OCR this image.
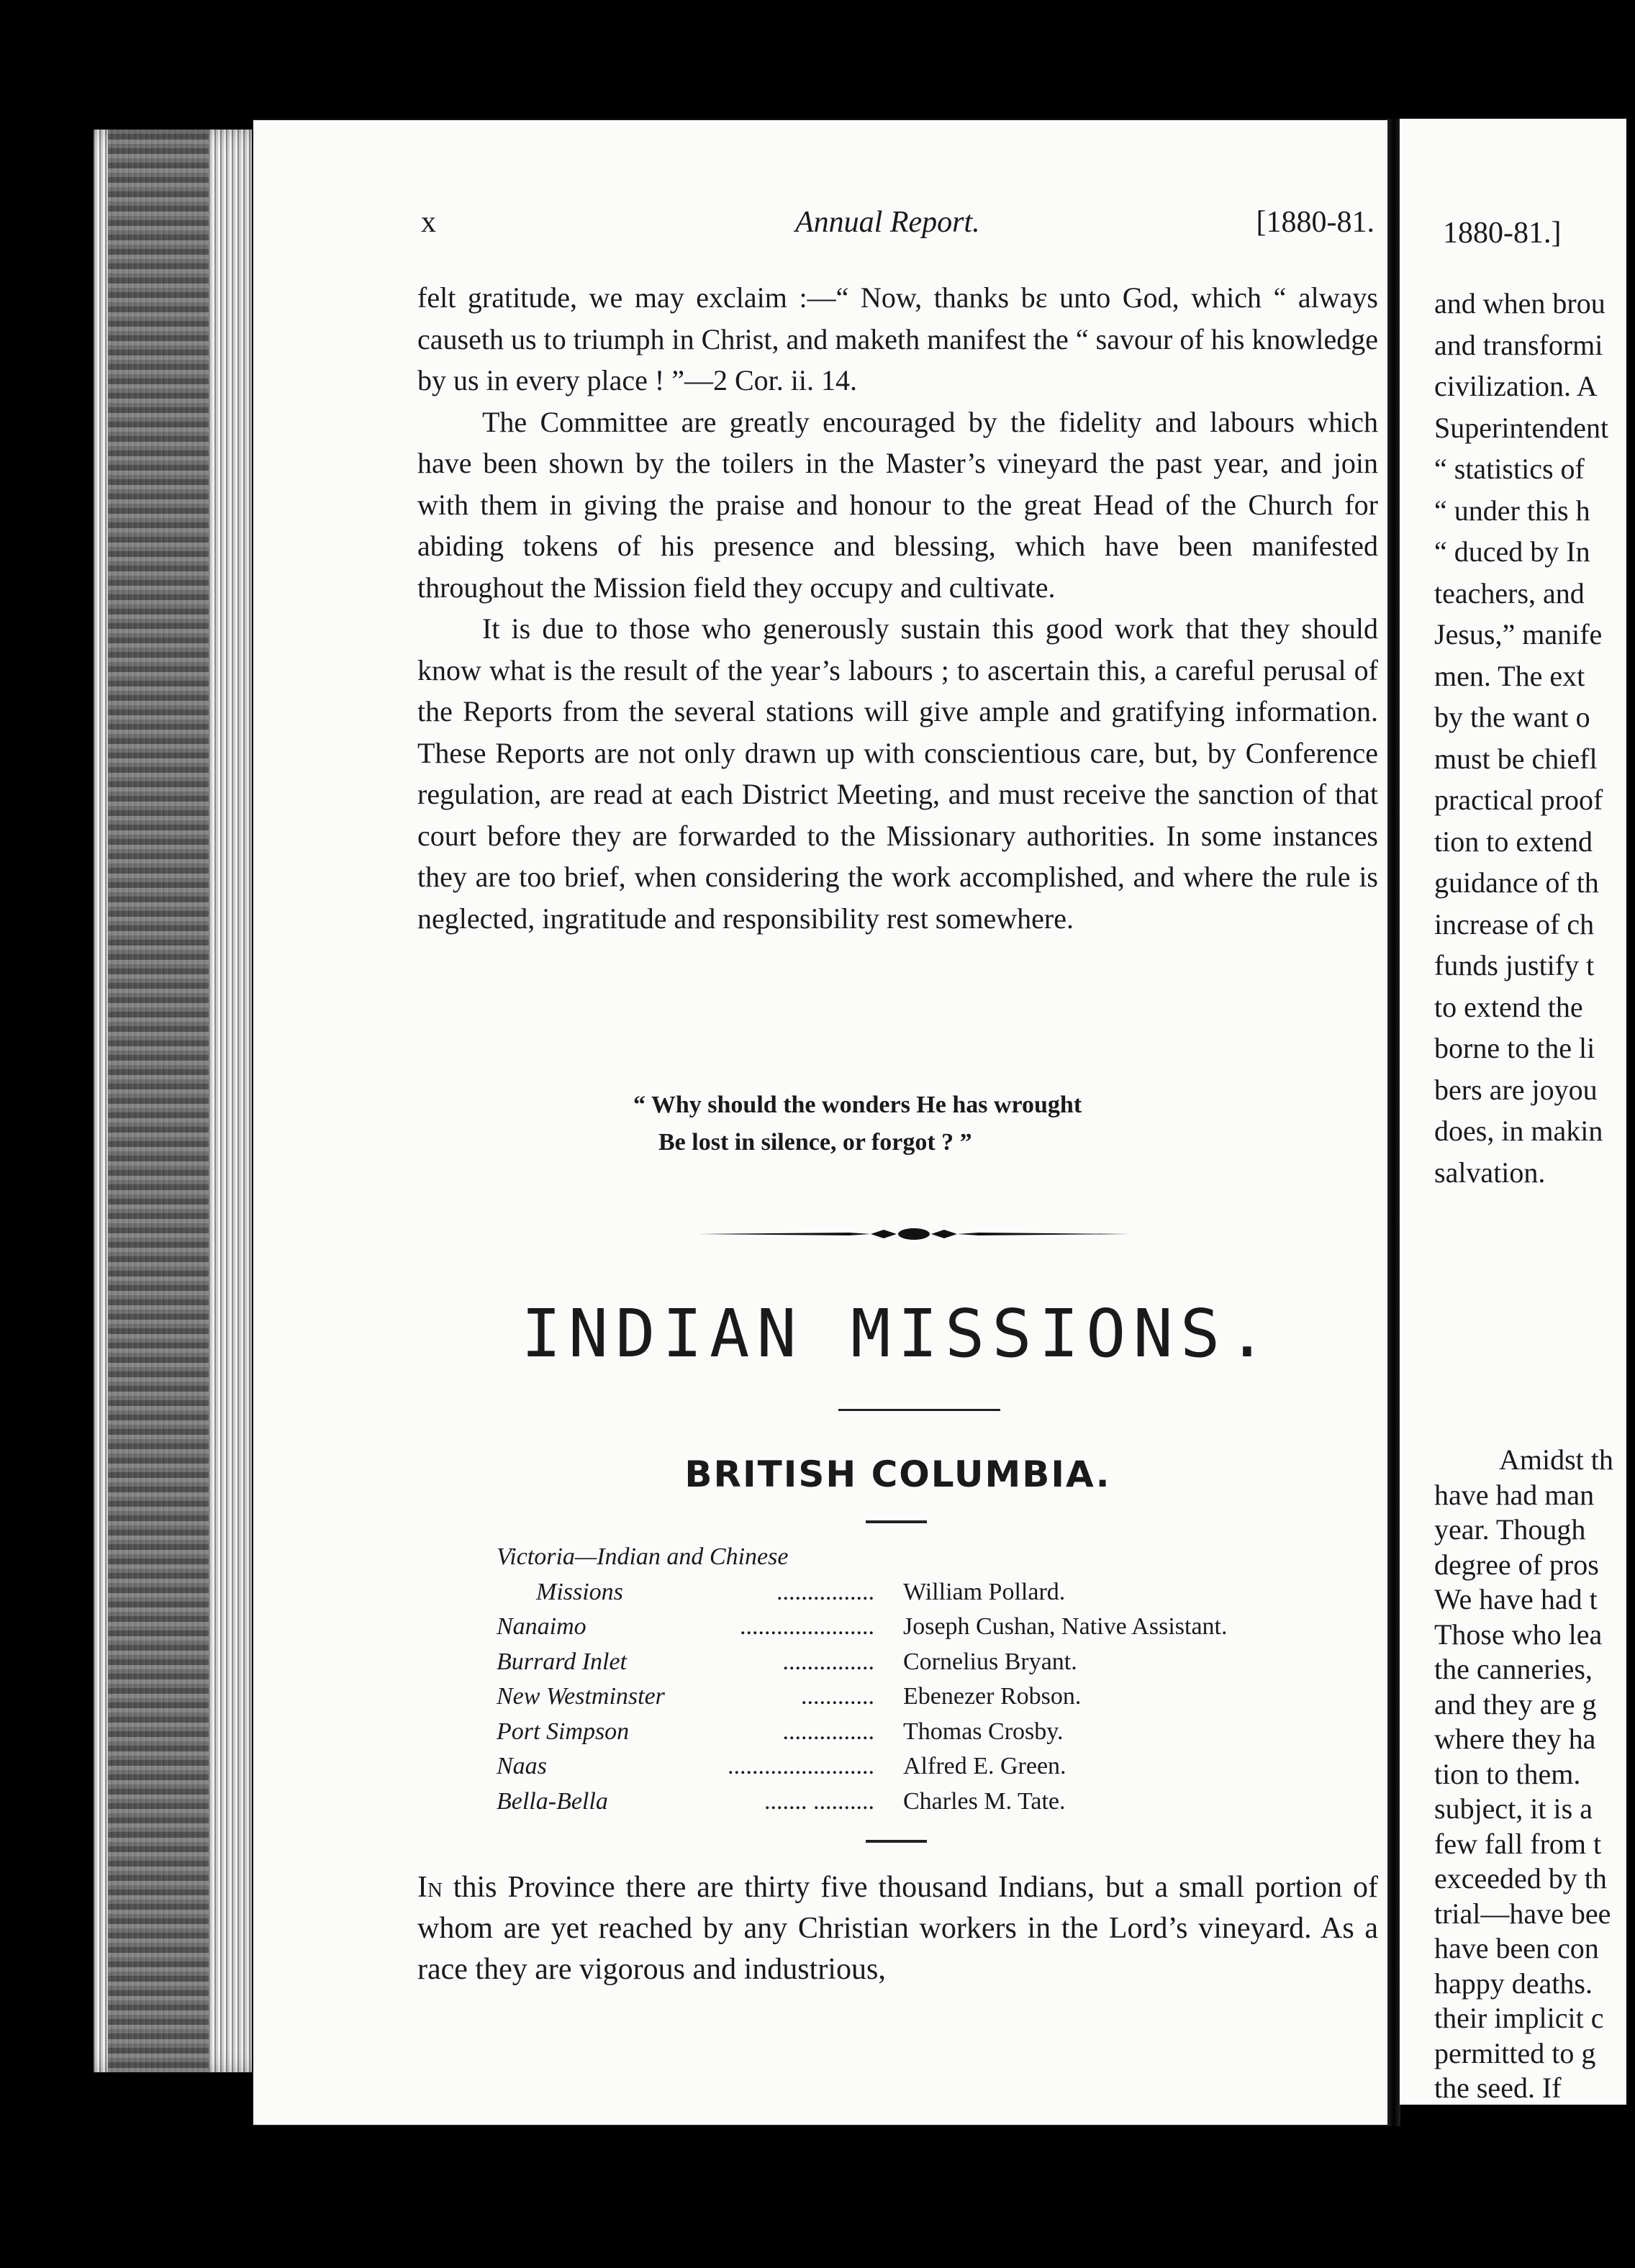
x	Annual Report.	[1880-81.

felt gratitude, we may exclaim :—“ Now, thanks bε unto God, which “ always causeth us to triumph in Christ, and maketh manifest the “ savour of his knowledge by us in every place ! ”—2 Cor. ii. 14.

The Committee are greatly encouraged by the fidelity and labours which have been shown by the toilers in the Master’s vineyard the past year, and join with them in giving the praise and honour to the great Head of the Church for abiding tokens of his presence and blessing, which have been manifested throughout the Mission field they occupy and cultivate.

It is due to those who generously sustain this good work that they should know what is the result of the year’s labours ; to ascertain this, a careful perusal of the Reports from the several stations will give ample and gratifying information. These Reports are not only drawn up with conscientious care, but, by Conference regulation, are read at each District Meeting, and must receive the sanction of that court before they are forwarded to the Missionary authorities. In some instances they are too brief, when considering the work accomplished, and where the rule is neglected, ingratitude and responsibility rest somewhere.

“ Why should the wonders He has wrought
Be lost in silence, or forgot ? ”
INDIAN MISSIONS.
BRITISH COLUMBIA.
Victoria—Indian and Chinese
Missions	................ William Pollard.
Nanaimo	...................... Joseph Cushan, Native Assistant.
Burrard Inlet	............... Cornelius Bryant.
New Westminster	............ Ebenezer Robson.
Port Simpson	............... Thomas Crosby.
Naas	........................ Alfred E. Green.
Bella-Bella	....... .......... Charles M. Tate.
In this Province there are thirty five thousand Indians, but a small portion of whom are yet reached by any Christian workers in the Lord’s vineyard. As a race they are vigorous and industrious,
1880-81.]
and when brou
and transformi
civilization. A
Superintendent
“ statistics of
“ under this h
“ duced by In
teachers, and
Jesus,” manife
men. The ext
by the want o
must be chiefl
practical proof
tion to extend
guidance of th
increase of ch
funds justify t
to extend the
borne to the li
bers are joyou
does, in makin
salvation.
Amidst th
have had man
year. Though
degree of pros
We have had t
Those who lea
the canneries,
and they are g
where they ha
tion to them.
subject, it is a
few fall from t
exceeded by th
trial—have bee
have been con
happy deaths.
their implicit c
permitted to g
the seed. If
